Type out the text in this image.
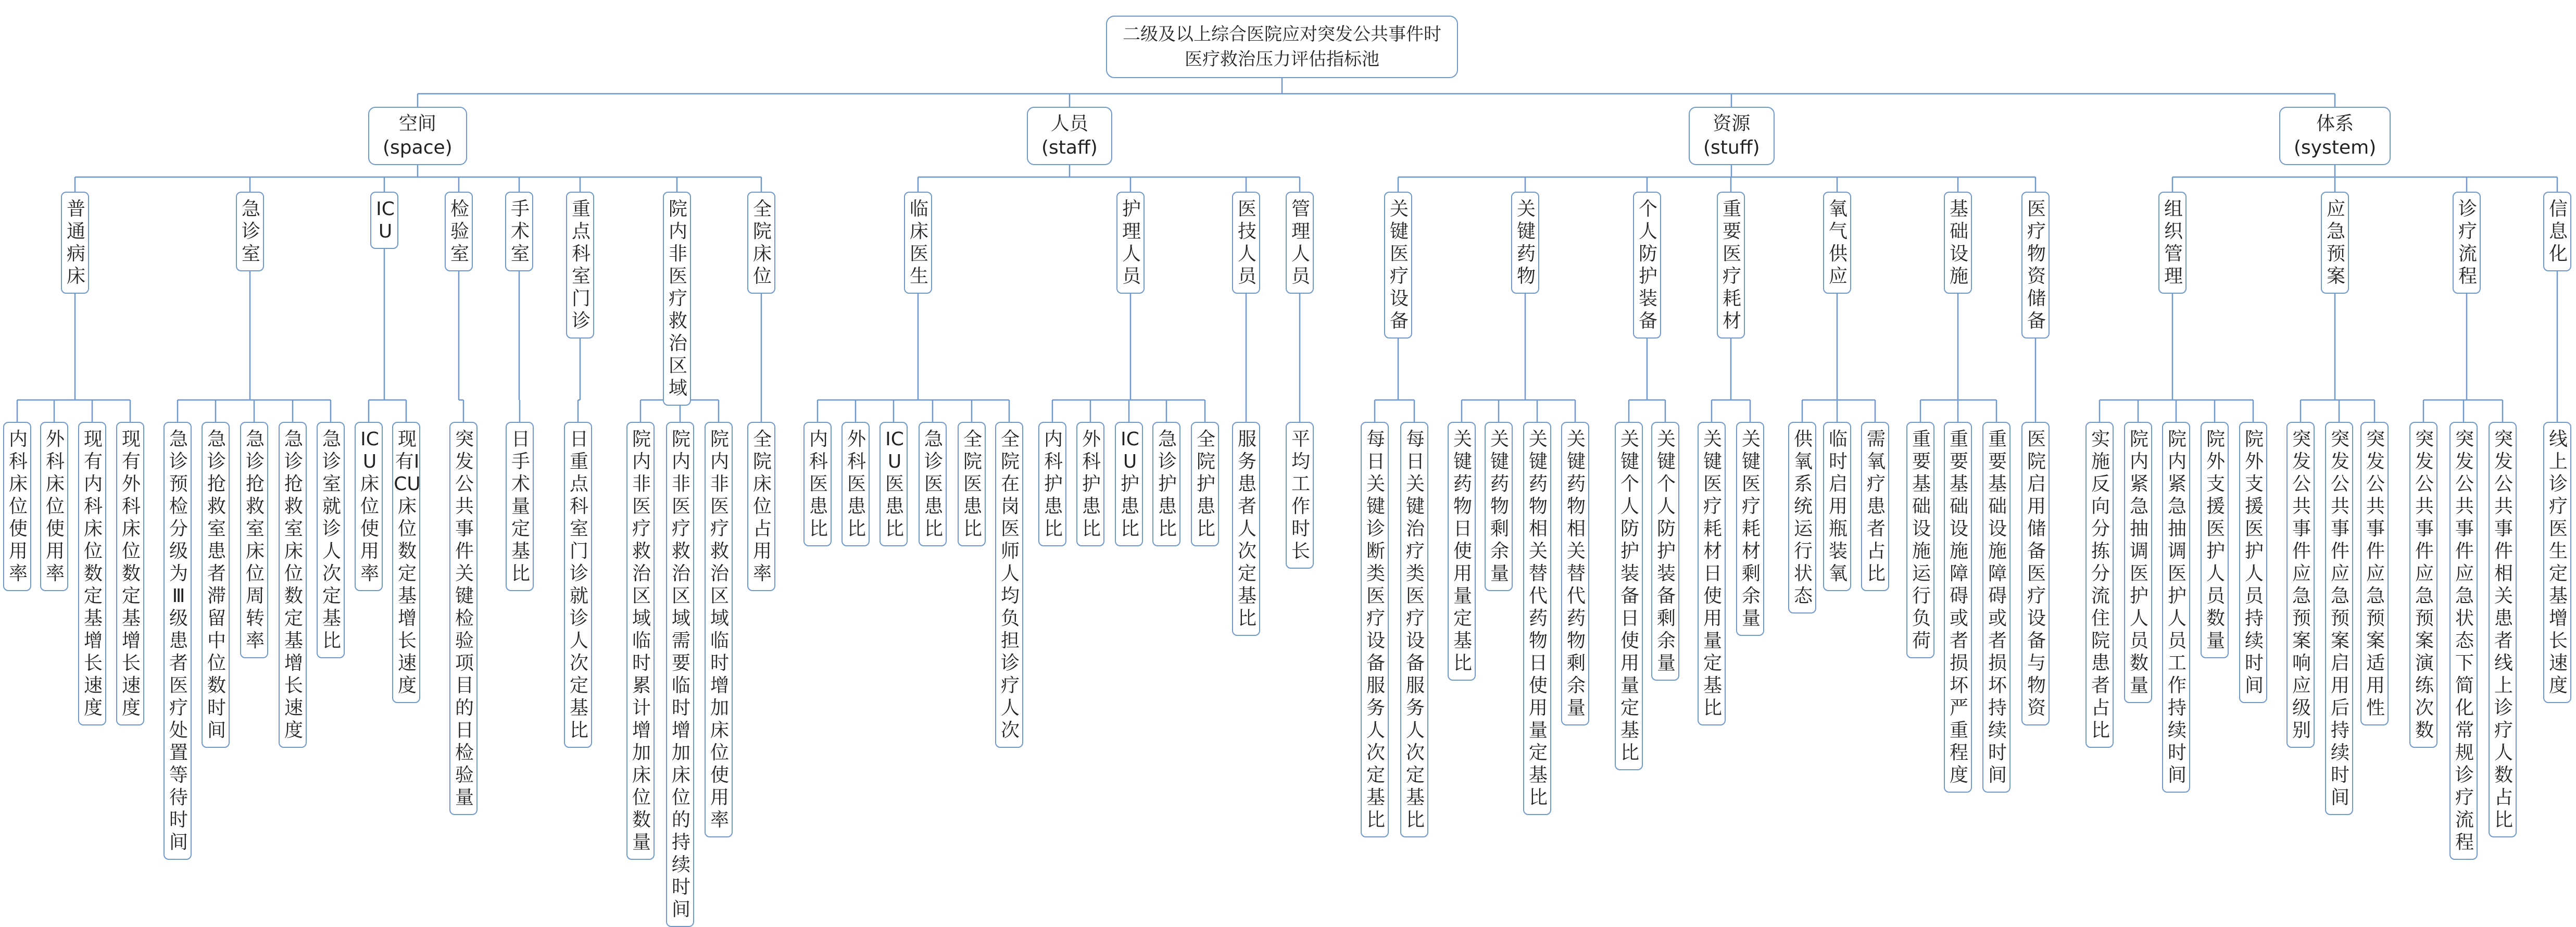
二级及以上综合医院应对突发公共事件时
医疗救治压力评估指标池
空间
(space)
普通病床
内科床位使用率
外科床位使用率
现有内科床位数定基增长速度
现有外科床位数定基增长速度
急诊室
急诊预检分级为Ⅲ级患者医疗处置等待时间
急诊抢救室患者滞留中位数时间
急诊抢救室床位周转率
急诊抢救室床位数定基增长速度
急诊室就诊人次定基比
ICU
ICU床位使用率
现有ICU床位数定基增长速度
检验室
突发公共事件关键检验项目的日检验量
手术室
日手术量定基比
重点科室门诊
日重点科室门诊就诊人次定基比
院内非医疗救治区域
院内非医疗救治区域临时累计增加床位数量
院内非医疗救治区域需要临时增加床位的持续时间
院内非医疗救治区域临时增加床位使用率
全院床位
全院床位占用率
人员
(staff)
临床医生
内科医患比
外科医患比
ICU医患比
急诊医患比
全院医患比
全院在岗医师人均负担诊疗人次
护理人员
内科护患比
外科护患比
ICU护患比
急诊护患比
全院护患比
医技人员
服务患者人次定基比
管理人员
平均工作时长
资源
(stuff)
关键医疗设备
每日关键诊断类医疗设备服务人次定基比
每日关键治疗类医疗设备服务人次定基比
关键药物
关键药物日使用量定基比
关键药物剩余量
关键药物相关替代药物日使用量定基比
关键药物相关替代药物剩余量
个人防护装备
关键个人防护装备日使用量定基比
关键个人防护装备剩余量
重要医疗耗材
关键医疗耗材日使用量定基比
关键医疗耗材剩余量
氧气供应
供氧系统运行状态
临时启用瓶装氧
需氧疗患者占比
基础设施
重要基础设施运行负荷
重要基础设施障碍或者损坏严重程度
重要基础设施障碍或者损坏持续时间
医疗物资储备
医院启用储备医疗设备与物资
体系
(system)
组织管理
实施反向分拣分流住院患者占比
院内紧急抽调医护人员数量
院内紧急抽调医护人员工作持续时间
院外支援医护人员数量
院外支援医护人员持续时间
应急预案
突发公共事件应急预案响应级别
突发公共事件应急预案启用后持续时间
突发公共事件应急预案适用性
诊疗流程
突发公共事件应急预案演练次数
突发公共事件应急状态下简化常规诊疗流程
突发公共事件相关患者线上诊疗人数占比
信息化
线上诊疗医生定基增长速度
